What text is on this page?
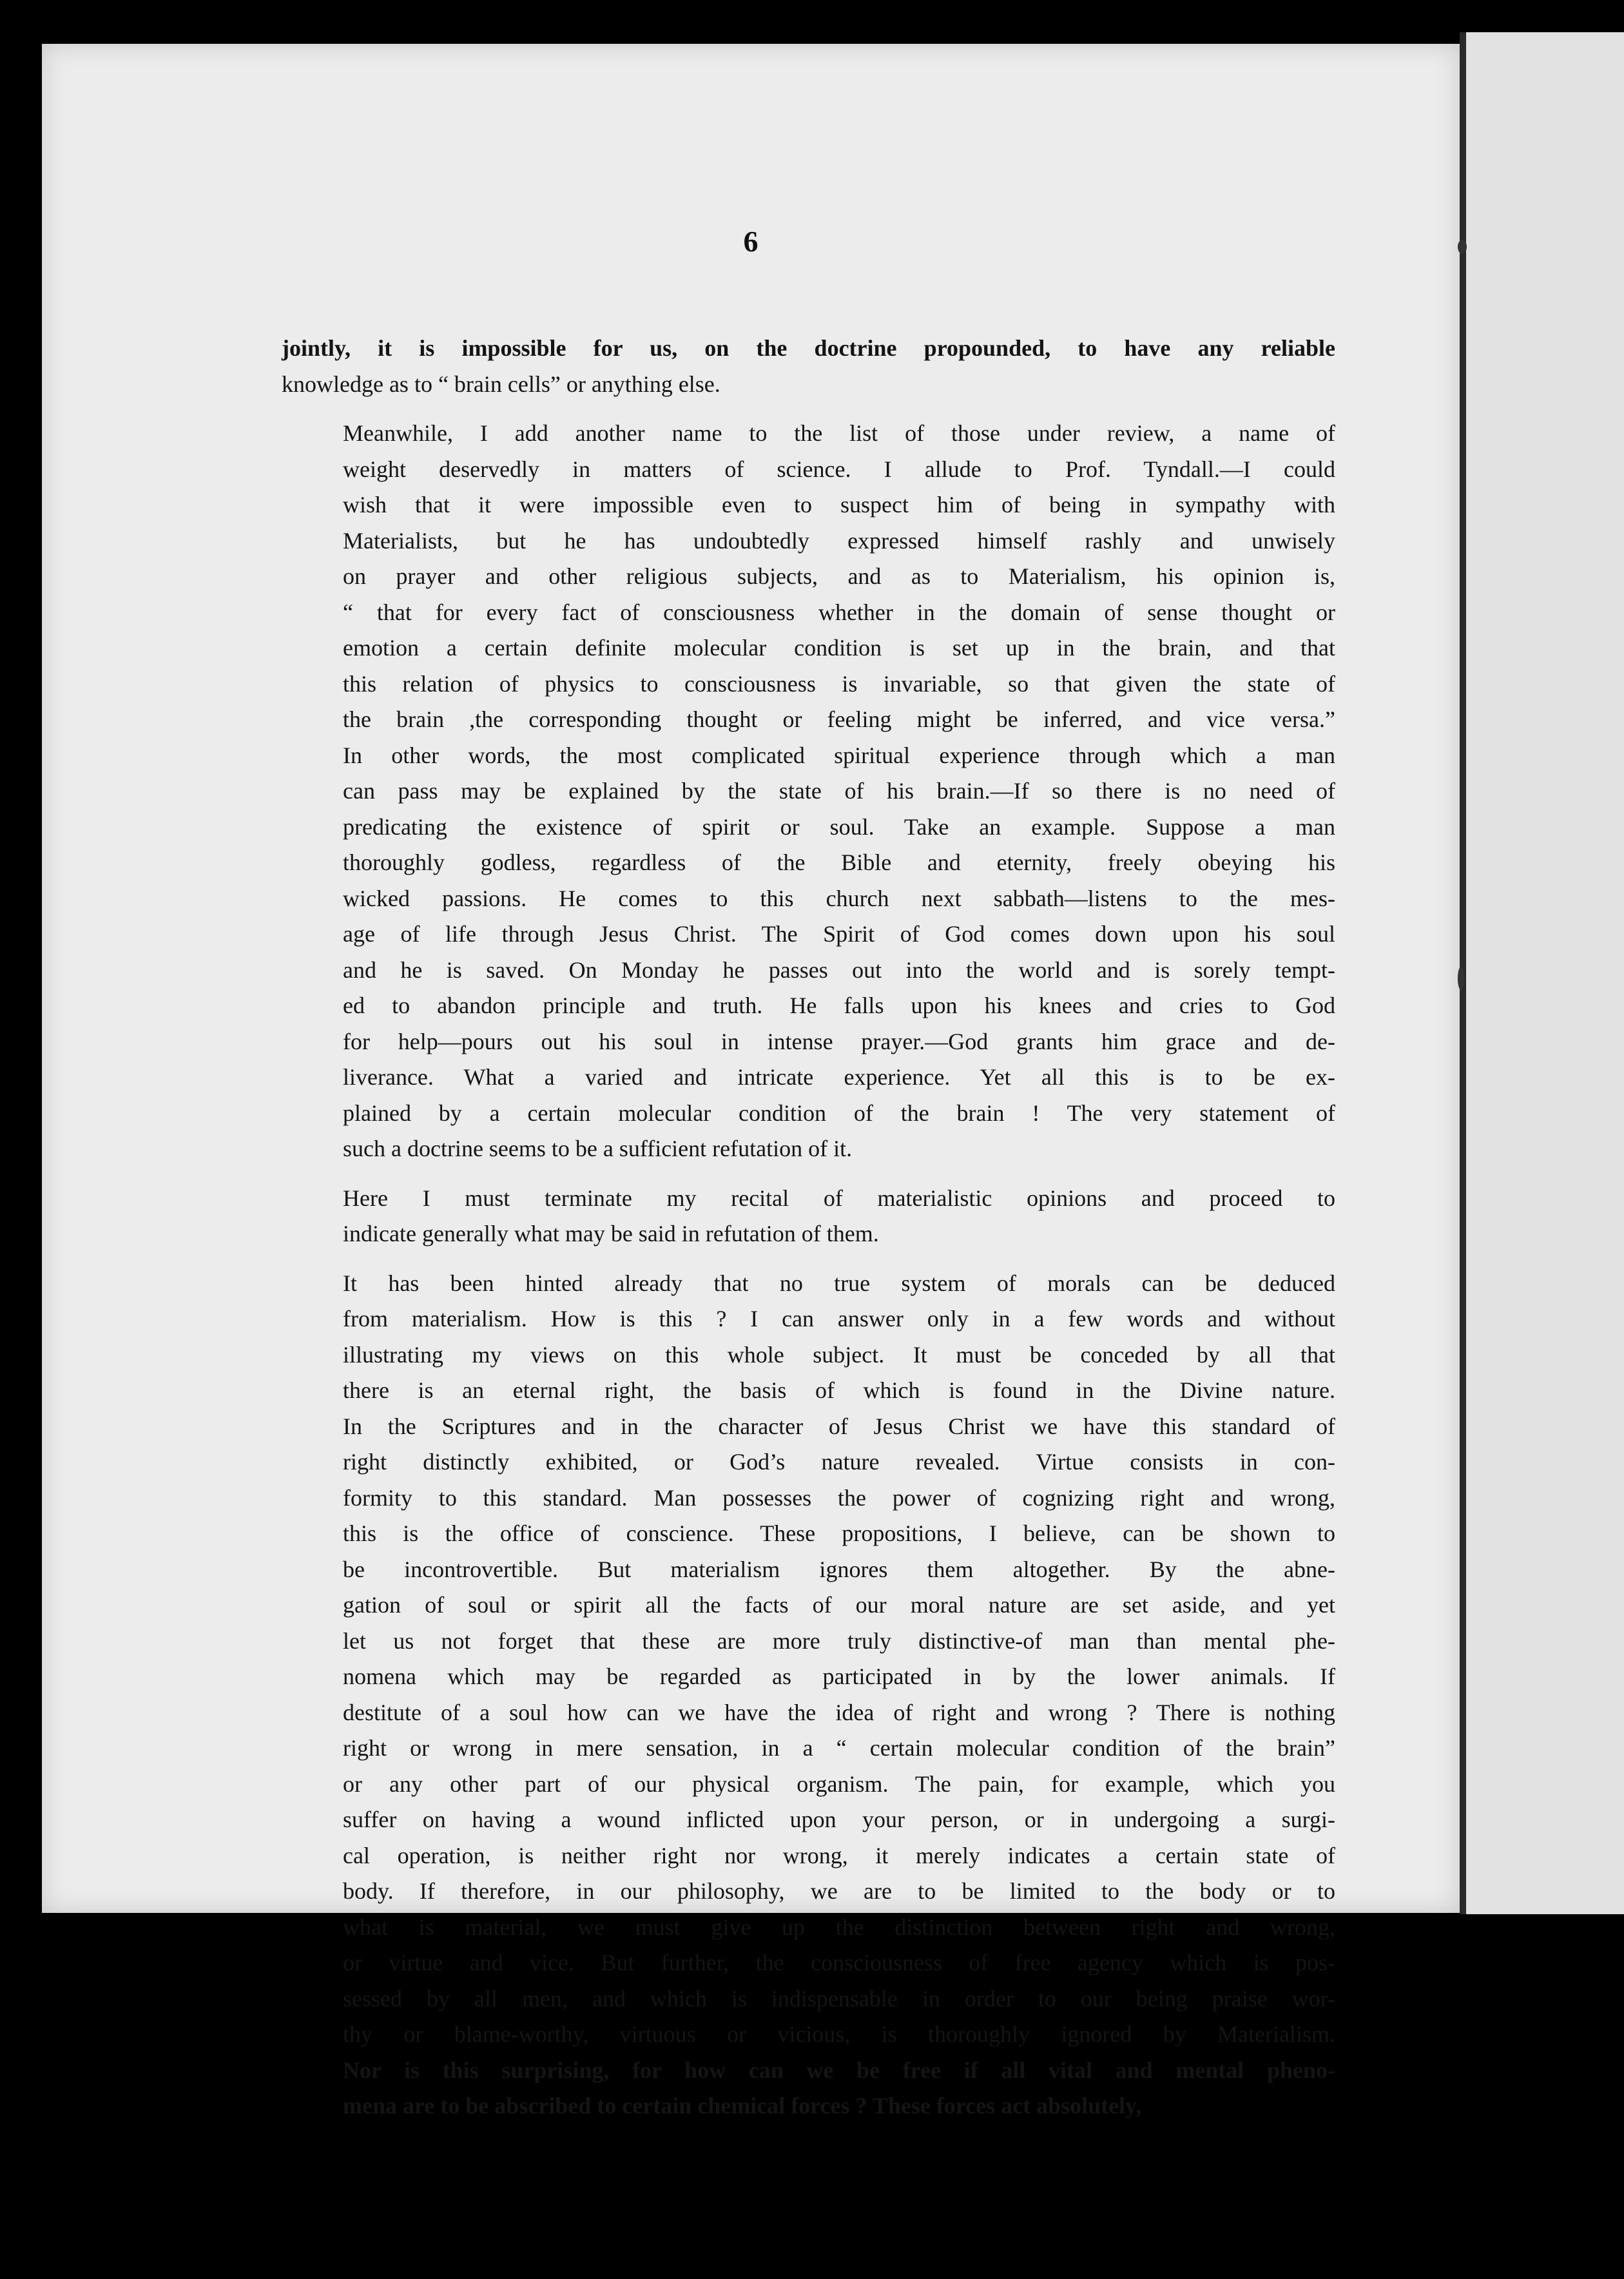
6

jointly, it is impossible for us, on the doctrine propounded, to have any reliable
knowledge as to “ brain cells” or anything else.

Meanwhile, I add another name to the list of those under review, a name of
weight deservedly in matters of science. I allude to Prof. Tyndall.—I could
wish that it were impossible even to suspect him of being in sympathy with
Materialists, but he has undoubtedly expressed himself rashly and unwisely
on prayer and other religious subjects, and as to Materialism, his opinion is,
“ that for every fact of consciousness whether in the domain of sense thought or
emotion a certain definite molecular condition is set up in the brain, and that
this relation of physics to consciousness is invariable, so that given the state of
the brain ,the corresponding thought or feeling might be inferred, and vice versa.”
In other words, the most complicated spiritual experience through which a man
can pass may be explained by the state of his brain.—If so there is no need of
predicating the existence of spirit or soul. Take an example. Suppose a man
thoroughly godless, regardless of the Bible and eternity, freely obeying his
wicked passions. He comes to this church next sabbath—listens to the mes-
age of life through Jesus Christ. The Spirit of God comes down upon his soul
and he is saved. On Monday he passes out into the world and is sorely tempt-
ed to abandon principle and truth. He falls upon his knees and cries to God
for help—pours out his soul in intense prayer.—God grants him grace and de-
liverance. What a varied and intricate experience. Yet all this is to be ex-
plained by a certain molecular condition of the brain ! The very statement of
such a doctrine seems to be a sufficient refutation of it.

Here I must terminate my recital of materialistic opinions and proceed to
indicate generally what may be said in refutation of them.

It has been hinted already that no true system of morals can be deduced
from materialism. How is this ? I can answer only in a few words and without
illustrating my views on this whole subject. It must be conceded by all that
there is an eternal right, the basis of which is found in the Divine nature.
In the Scriptures and in the character of Jesus Christ we have this standard of
right distinctly exhibited, or God’s nature revealed. Virtue consists in con-
formity to this standard. Man possesses the power of cognizing right and wrong,
this is the office of conscience. These propositions, I believe, can be shown to
be incontrovertible. But materialism ignores them altogether. By the abne-
gation of soul or spirit all the facts of our moral nature are set aside, and yet
let us not forget that these are more truly distinctive-of man than mental phe-
nomena which may be regarded as participated in by the lower animals. If
destitute of a soul how can we have the idea of right and wrong ? There is nothing
right or wrong in mere sensation, in a “ certain molecular condition of the brain”
or any other part of our physical organism. The pain, for example, which you
suffer on having a wound inflicted upon your person, or in undergoing a surgi-
cal operation, is neither right nor wrong, it merely indicates a certain state of
body. If therefore, in our philosophy, we are to be limited to the body or to
what is material, we must give up the distinction between right and wrong,
or virtue and vice. But further, the consciousness of free agency which is pos-
sessed by all men, and which is indispensable in order to our being praise wor-
thy or blame-worthy, virtuous or vicious, is thoroughly ignored by Materialism.
Nor is this surprising, for how can we be free if all vital and mental pheno-
mena are to be abscribed to certain chemical forces ? These forces act absolutely,
